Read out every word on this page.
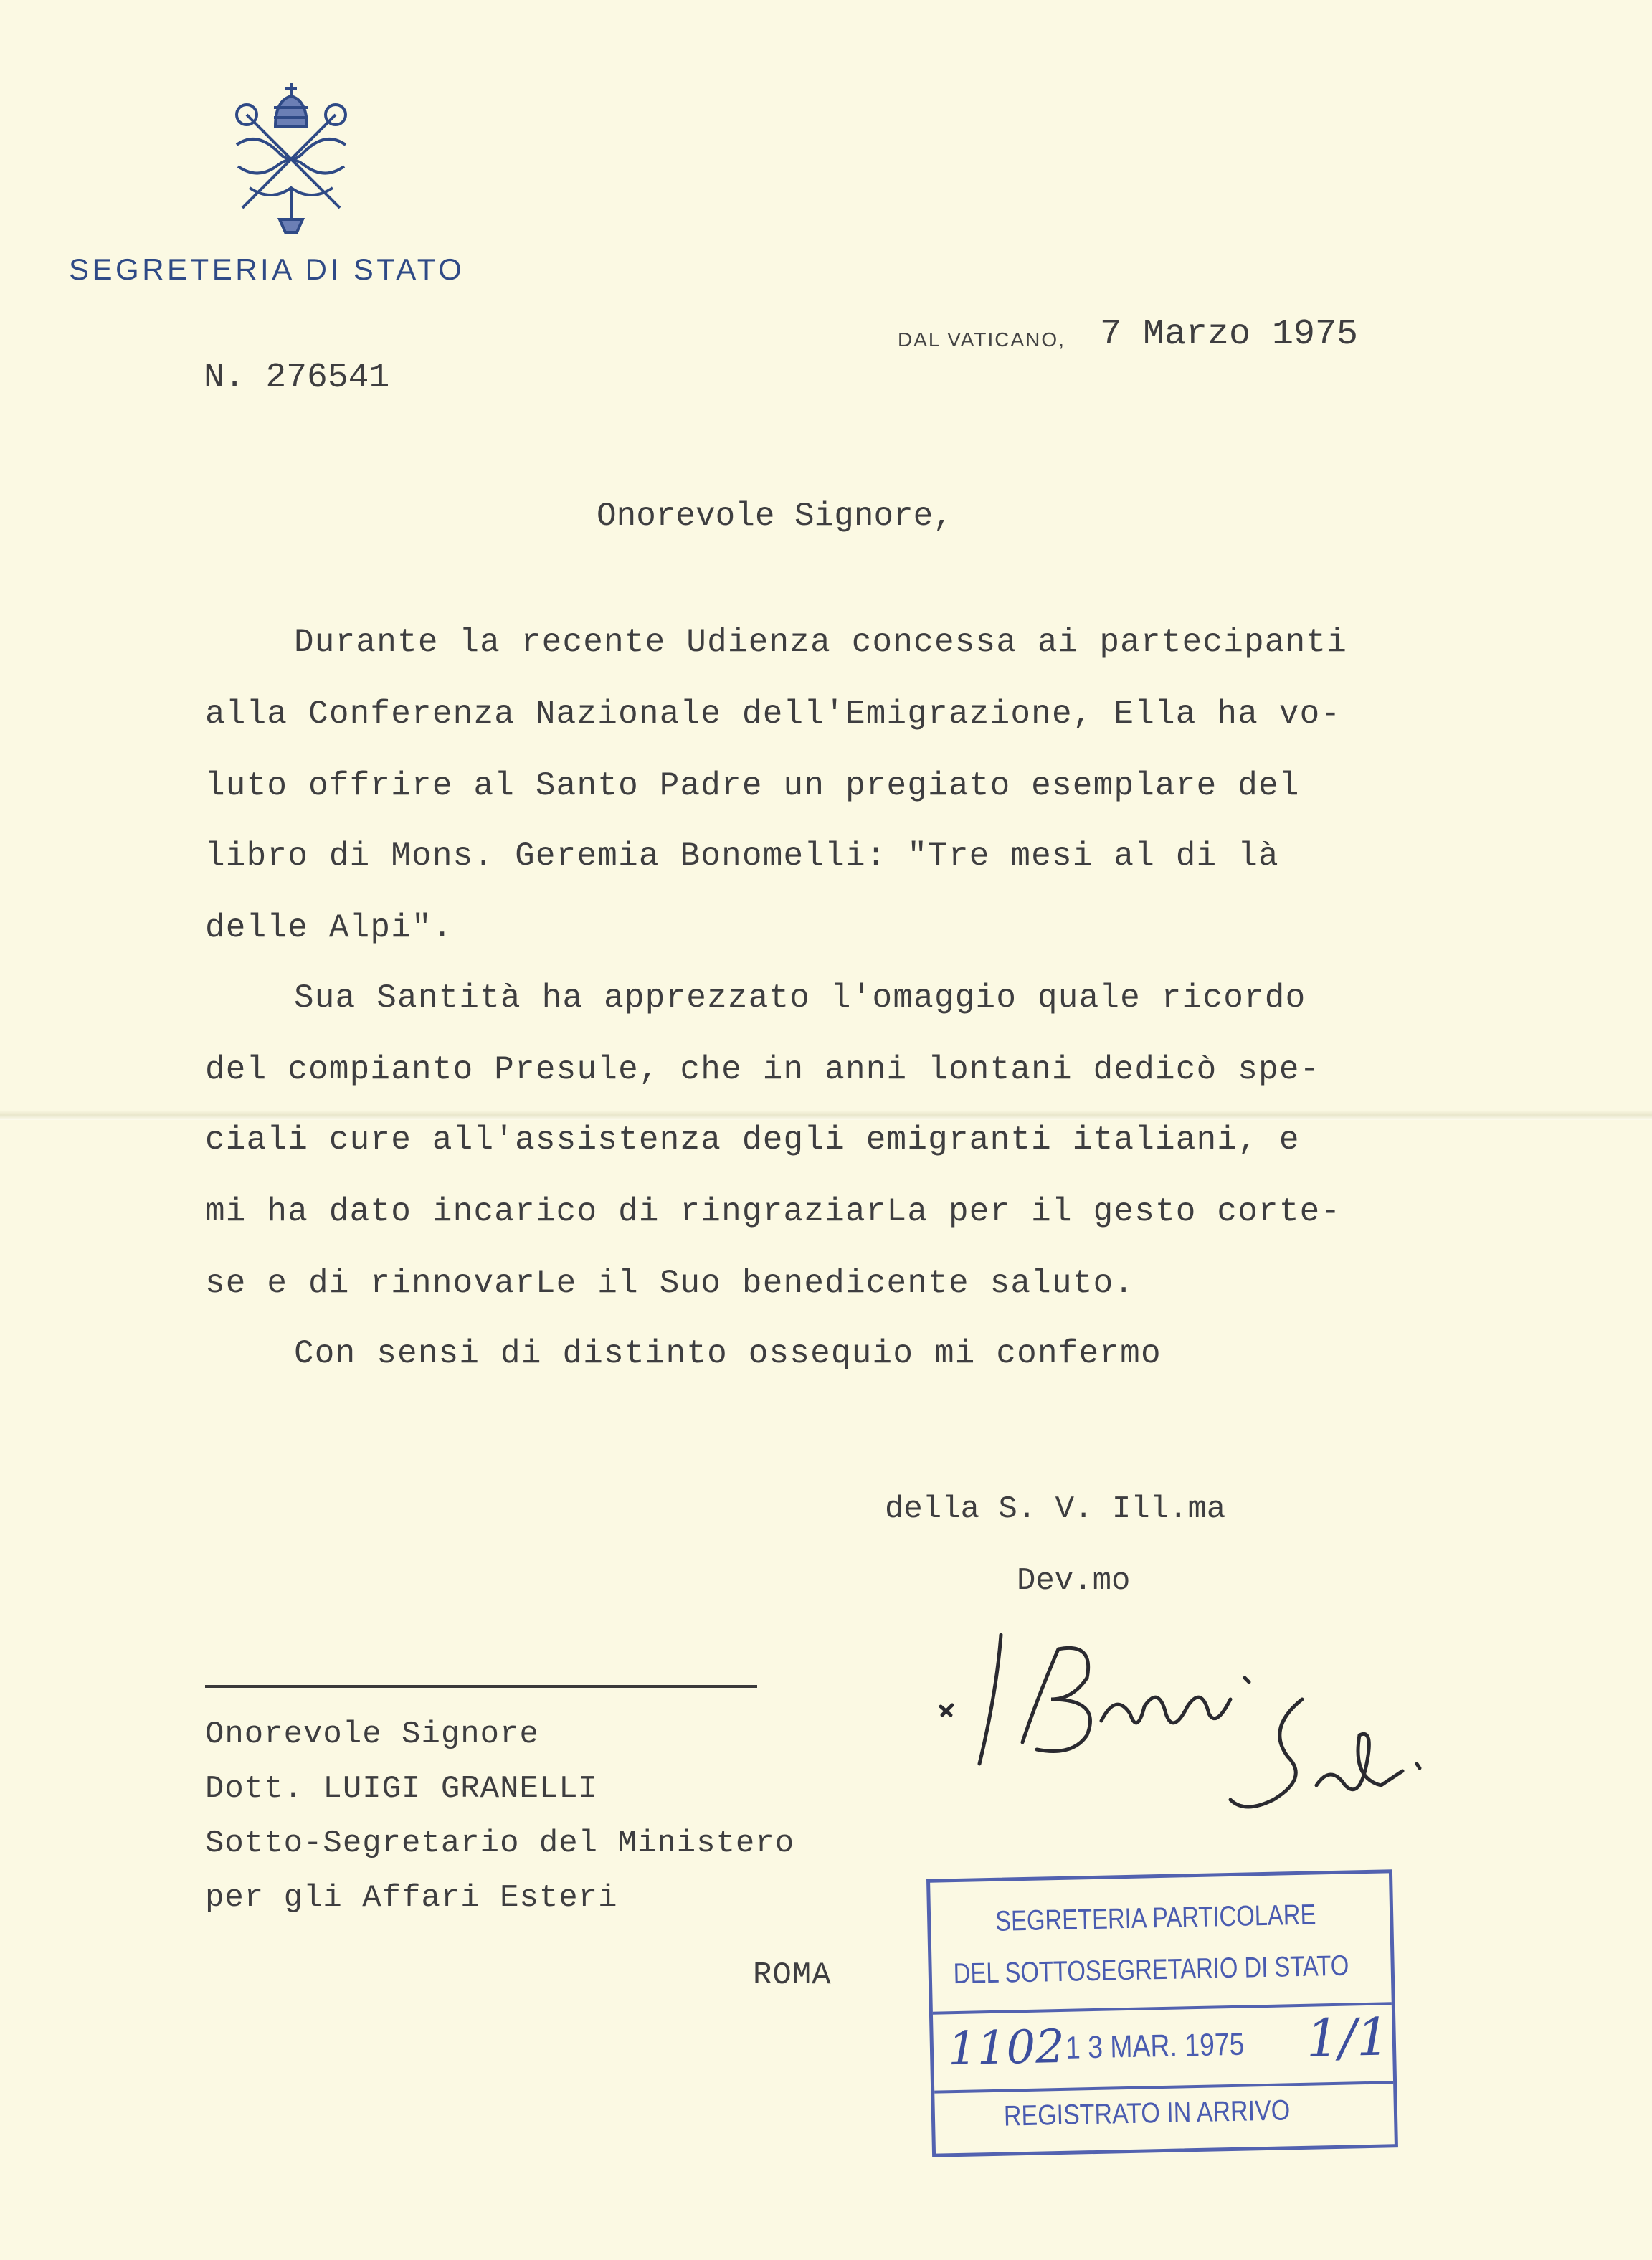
SEGRETERIA DI STATO
N. 276541
DAL VATICANO, 7 Marzo 1975
Onorevole Signore,
Durante la recente Udienza concessa ai partecipanti
alla Conferenza Nazionale dell'Emigrazione, Ella ha vo-
luto offrire al Santo Padre un pregiato esemplare del
libro di Mons. Geremia Bonomelli: "Tre mesi al di là
delle Alpi".
Sua Santità ha apprezzato l'omaggio quale ricordo
del compianto Presule, che in anni lontani dedicò spe-
ciali cure all'assistenza degli emigranti italiani, e
mi ha dato incarico di ringraziarLa per il gesto corte-
se e di rinnovarLe il Suo benedicente saluto.
Con sensi di distinto ossequio mi confermo
della S. V. Ill.ma
Dev.mo
Onorevole Signore
Dott. LUIGI GRANELLI
Sotto-Segretario del Ministero
per gli Affari Esteri
ROMA
SEGRETERIA PARTICOLARE
DEL SOTTOSEGRETARIO DI STATO
1102 1 3 MAR. 1975 1/1
REGISTRATO IN ARRIVO
